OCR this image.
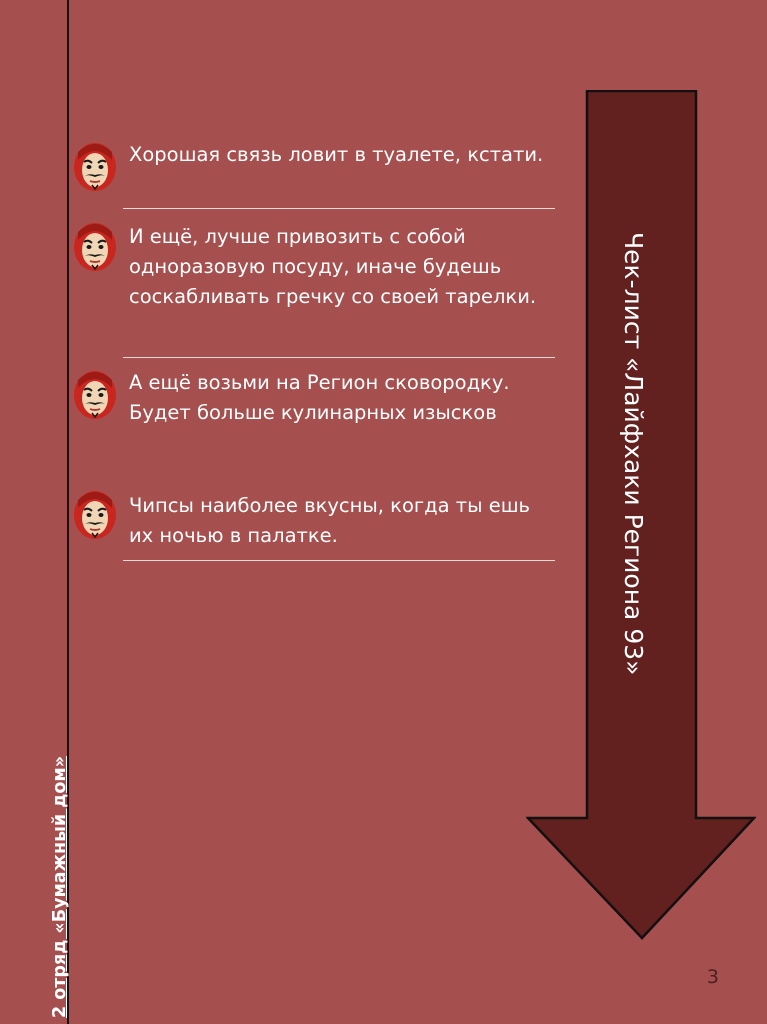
2 отряд «Бумажный дом»
Хорошая связь ловит в туалете, кстати.
И ещё, лучше привозить с собой одноразовую посуду, иначе будешь соскабливать гречку со своей тарелки.
А ещё возьми на Регион сковородку. Будет больше кулинарных изысков
Чипсы наиболее вкусны, когда ты ешь их ночью в палатке.	Чек-лист «Лайфхаки Региона 93»
3
